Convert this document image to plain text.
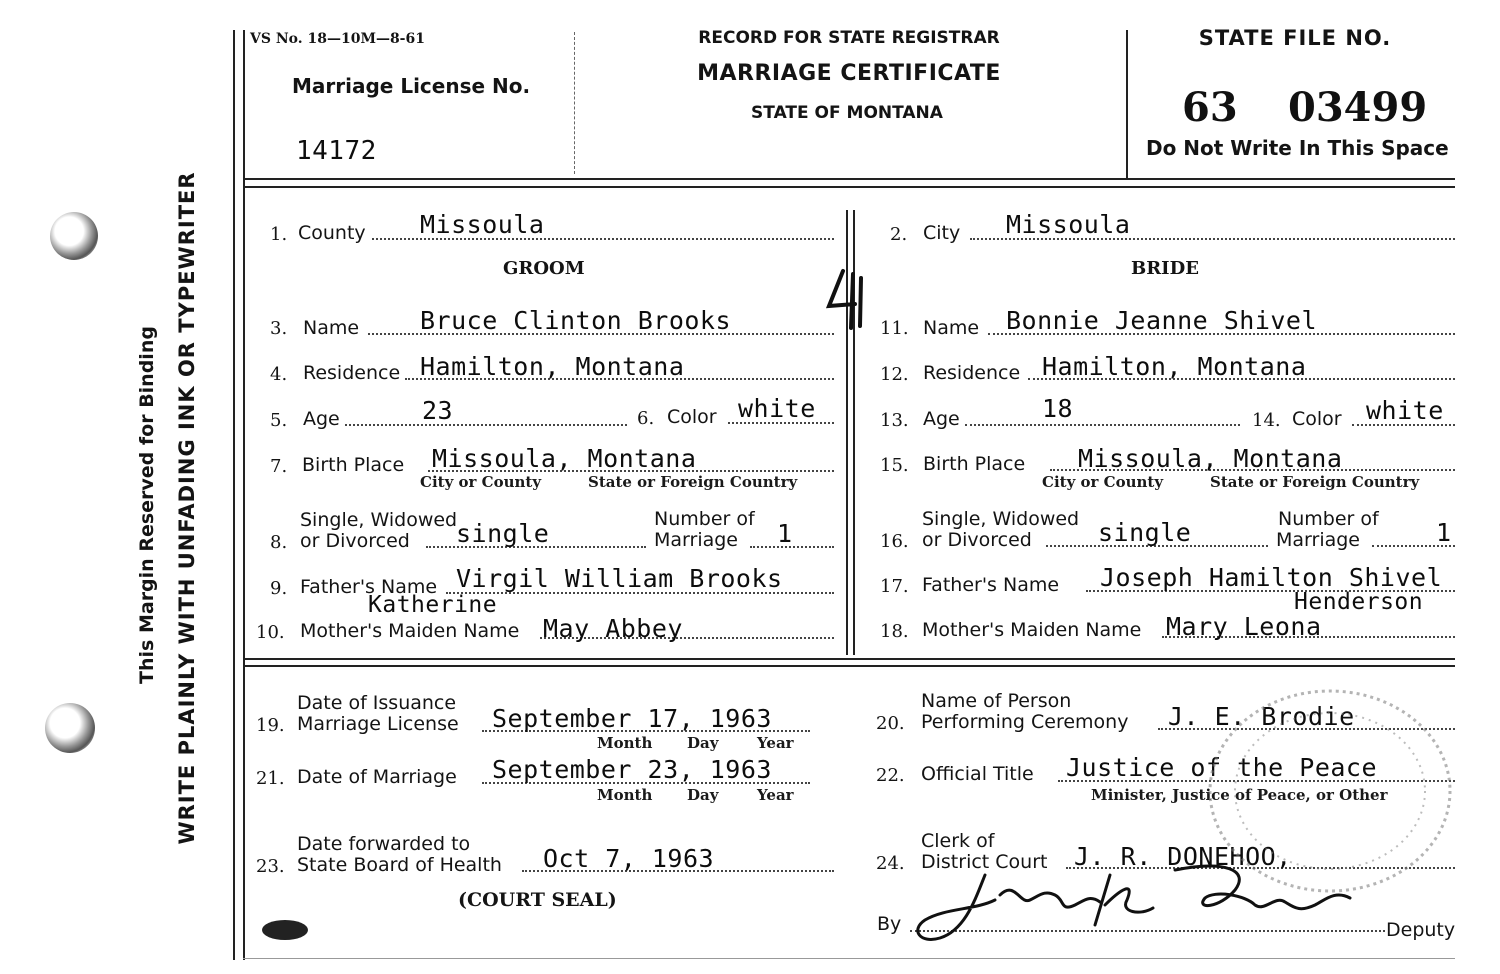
This Margin Reserved for Binding WRITE PLAINLY WITH UNFADING INK OR TYPEWRITER
VS No. 18—10M—8-61
Marriage License No.
14172
RECORD FOR STATE REGISTRAR
MARRIAGE CERTIFICATE
STATE OF MONTANA
STATE FILE NO.
63 03499
Do Not Write In This Space
1. County Missoula
GROOM
3. Name Bruce Clinton Brooks
4. Residence Hamilton, Montana
5. Age	23	6. Color white
7. Birth Place Missoula, Montana
City or County	State or Foreign Country
Single, Widowed
8. or Divorced single	Number of
Marriage 1
9. Father's Name Virgil William Brooks
Katherine
10. Mother's Maiden Name May Abbey
2. City Missoula
BRIDE
11. Name Bonnie Jeanne Shivel
12. Residence Hamilton, Montana
13. Age	18	14. Color white
15. Birth Place Missoula, Montana
City or County	State or Foreign Country
Single, Widowed
16. or Divorced	single	Number of
Marriage	1
17. Father's Name Joseph Hamilton Shivel
Henderson
18. Mother's Maiden Name Mary Leona
Date of Issuance
19. Marriage License September 17, 1963
Month Day	Year
21. Date of Marriage September 23, 1963
Month Day	Year
Date forwarded to
23. State Board of Health Oct 7, 1963
(COURT SEAL)
Name of Person
20. Performing Ceremony J. E. Brodie
22. Official Title Justice of the Peace
Minister, Justice of Peace, or Other
Clerk of
24. District Court J. R. DONEHOO,
By	Deputy
